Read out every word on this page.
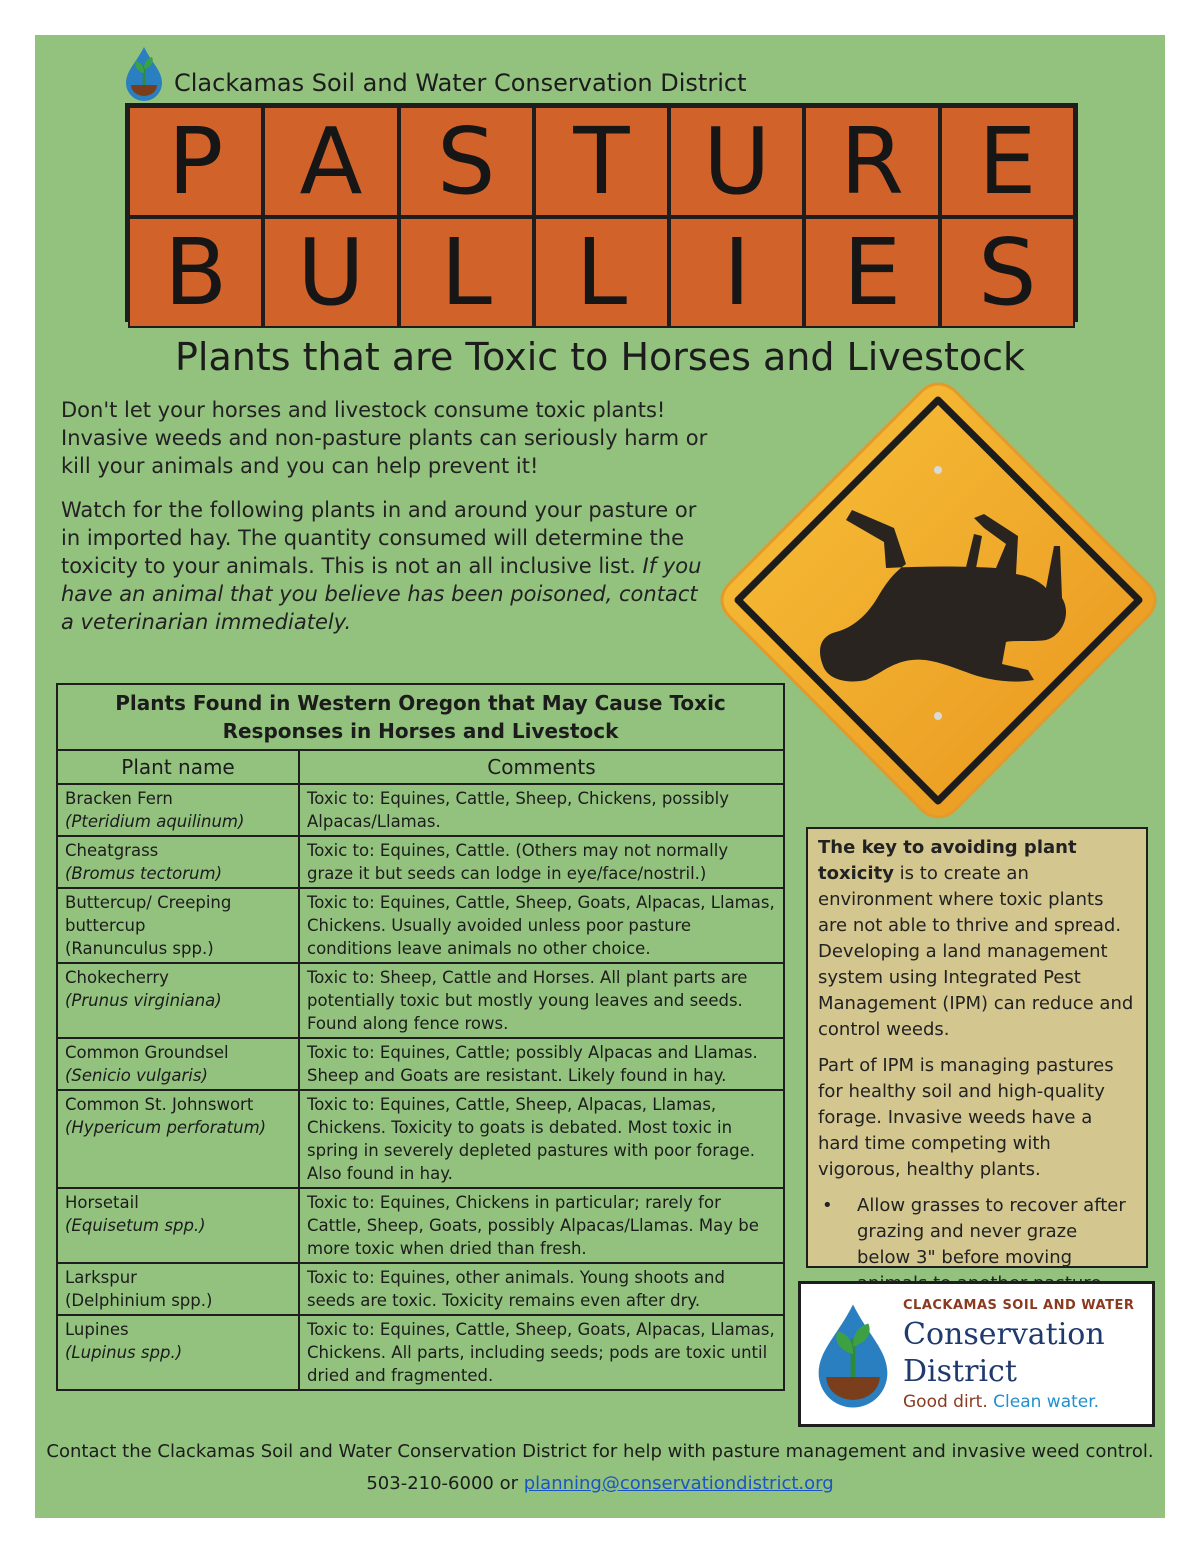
Clackamas Soil and Water Conservation District
P A S T U R E
B U L L	I	E S
Plants that are Toxic to Horses and Livestock
Don't let your horses and livestock consume toxic plants! Invasive weeds and non-pasture plants can seriously harm or kill your animals and you can help prevent it!
Watch for the following plants in and around your pasture or in imported hay. The quantity consumed will determine the toxicity to your animals. This is not an all inclusive list. If you have an animal that you believe has been poisoned, contact a veterinarian immediately.
Plants Found in Western Oregon that May Cause Toxic Responses in Horses and Livestock	
Plant name	Comments

Bracken Fern
(Pteridium aquilinum)	Toxic to: Equines, Cattle, Sheep, Chickens, possibly Alpacas/Llamas.

Cheatgrass
(Bromus tectorum)	Toxic to: Equines, Cattle. (Others may not normally graze it but seeds can lodge in eye/face/nostril.)

Buttercup/ Creeping buttercup
(Ranunculus spp.)	Toxic to: Equines, Cattle, Sheep, Goats, Alpacas, Llamas, Chickens. Usually avoided unless poor pasture conditions leave animals no other choice.

Chokecherry
(Prunus virginiana)	Toxic to: Sheep, Cattle and Horses. All plant parts are potentially toxic but mostly young leaves and seeds. Found along fence rows.

Common Groundsel
(Senicio vulgaris)	Toxic to: Equines, Cattle; possibly Alpacas and Llamas. Sheep and Goats are resistant. Likely found in hay.

Common St. Johnswort
(Hypericum perforatum)	Toxic to: Equines, Cattle, Sheep, Alpacas, Llamas, Chickens. Toxicity to goats is debated. Most toxic in spring in severely depleted pastures with poor forage. Also found in hay.

Horsetail
(Equisetum spp.)	Toxic to: Equines, Chickens in particular; rarely for Cattle, Sheep, Goats, possibly Alpacas/Llamas. May be more toxic when dried than fresh.

Larkspur
(Delphinium spp.)	Toxic to: Equines, other animals. Young shoots and seeds are toxic. Toxicity remains even after dry.

Lupines
(Lupinus spp.)	Toxic to: Equines, Cattle, Sheep, Goats, Alpacas, Llamas, Chickens. All parts, including seeds; pods are toxic until dried and fragmented.

The key to avoiding plant toxicity is to create an environment where toxic plants are not able to thrive and spread. Developing a land management system using Integrated Pest Management (IPM) can reduce and control weeds.

Part of IPM is managing pastures for healthy soil and high-quality forage. Invasive weeds have a hard time competing with vigorous, healthy plants.

•	Allow grasses to recover after grazing and never graze below 3" before moving
CLACKAMAS SOIL AND WATER
Conservation
District
Good dirt. Clean water.
Contact the Clackamas Soil and Water Conservation District for help with pasture management and invasive weed control.
503-210-6000 or planning@conservationdistrict.org
